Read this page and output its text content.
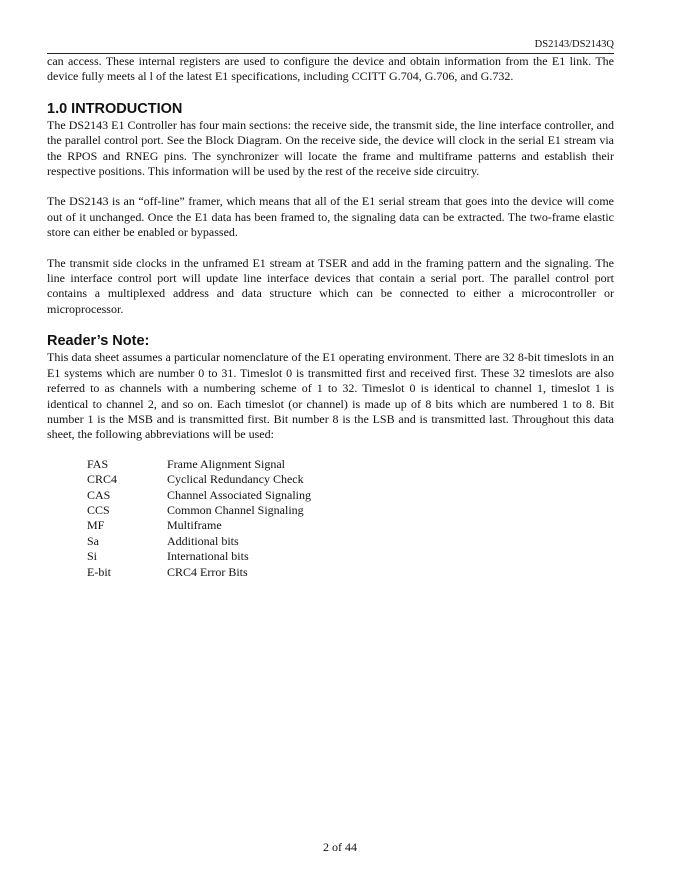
DS2143/DS2143Q

can access. These internal registers are used to configure the device and obtain information from the E1 link. The device fully meets al l of the latest E1 specifications, including CCITT G.704, G.706, and G.732.

1.0 INTRODUCTION

The DS2143 E1 Controller has four main sections: the receive side, the transmit side, the line interface controller, and the parallel control port. See the Block Diagram. On the receive side, the device will clock in the serial E1 stream via the RPOS and RNEG pins. The synchronizer will locate the frame and multiframe patterns and establish their respective positions. This information will be used by the rest of the receive side circuitry.

The DS2143 is an “off-line” framer, which means that all of the E1 serial stream that goes into the device will come out of it unchanged. Once the E1 data has been framed to, the signaling data can be extracted. The two-frame elastic store can either be enabled or bypassed.

The transmit side clocks in the unframed E1 stream at TSER and add in the framing pattern and the signaling. The line interface control port will update line interface devices that contain a serial port. The parallel control port contains a multiplexed address and data structure which can be connected to either a microcontroller or microprocessor.

Reader’s Note:

This data sheet assumes a particular nomenclature of the E1 operating environment. There are 32 8-bit timeslots in an E1 systems which are number 0 to 31. Timeslot 0 is transmitted first and received first. These 32 timeslots are also referred to as channels with a numbering scheme of 1 to 32. Timeslot 0 is identical to channel 1, timeslot 1 is identical to channel 2, and so on. Each timeslot (or channel) is made up of 8 bits which are numbered 1 to 8. Bit number 1 is the MSB and is transmitted first. Bit number 8 is the LSB and is transmitted last. Throughout this data sheet, the following abbreviations will be used:

FAS	Frame Alignment Signal
CRC4	Cyclical Redundancy Check
CAS	Channel Associated Signaling
CCS	Common Channel Signaling
MF	Multiframe
Sa	Additional bits
Si	International bits
E-bit	CRC4 Error Bits
2 of 44
